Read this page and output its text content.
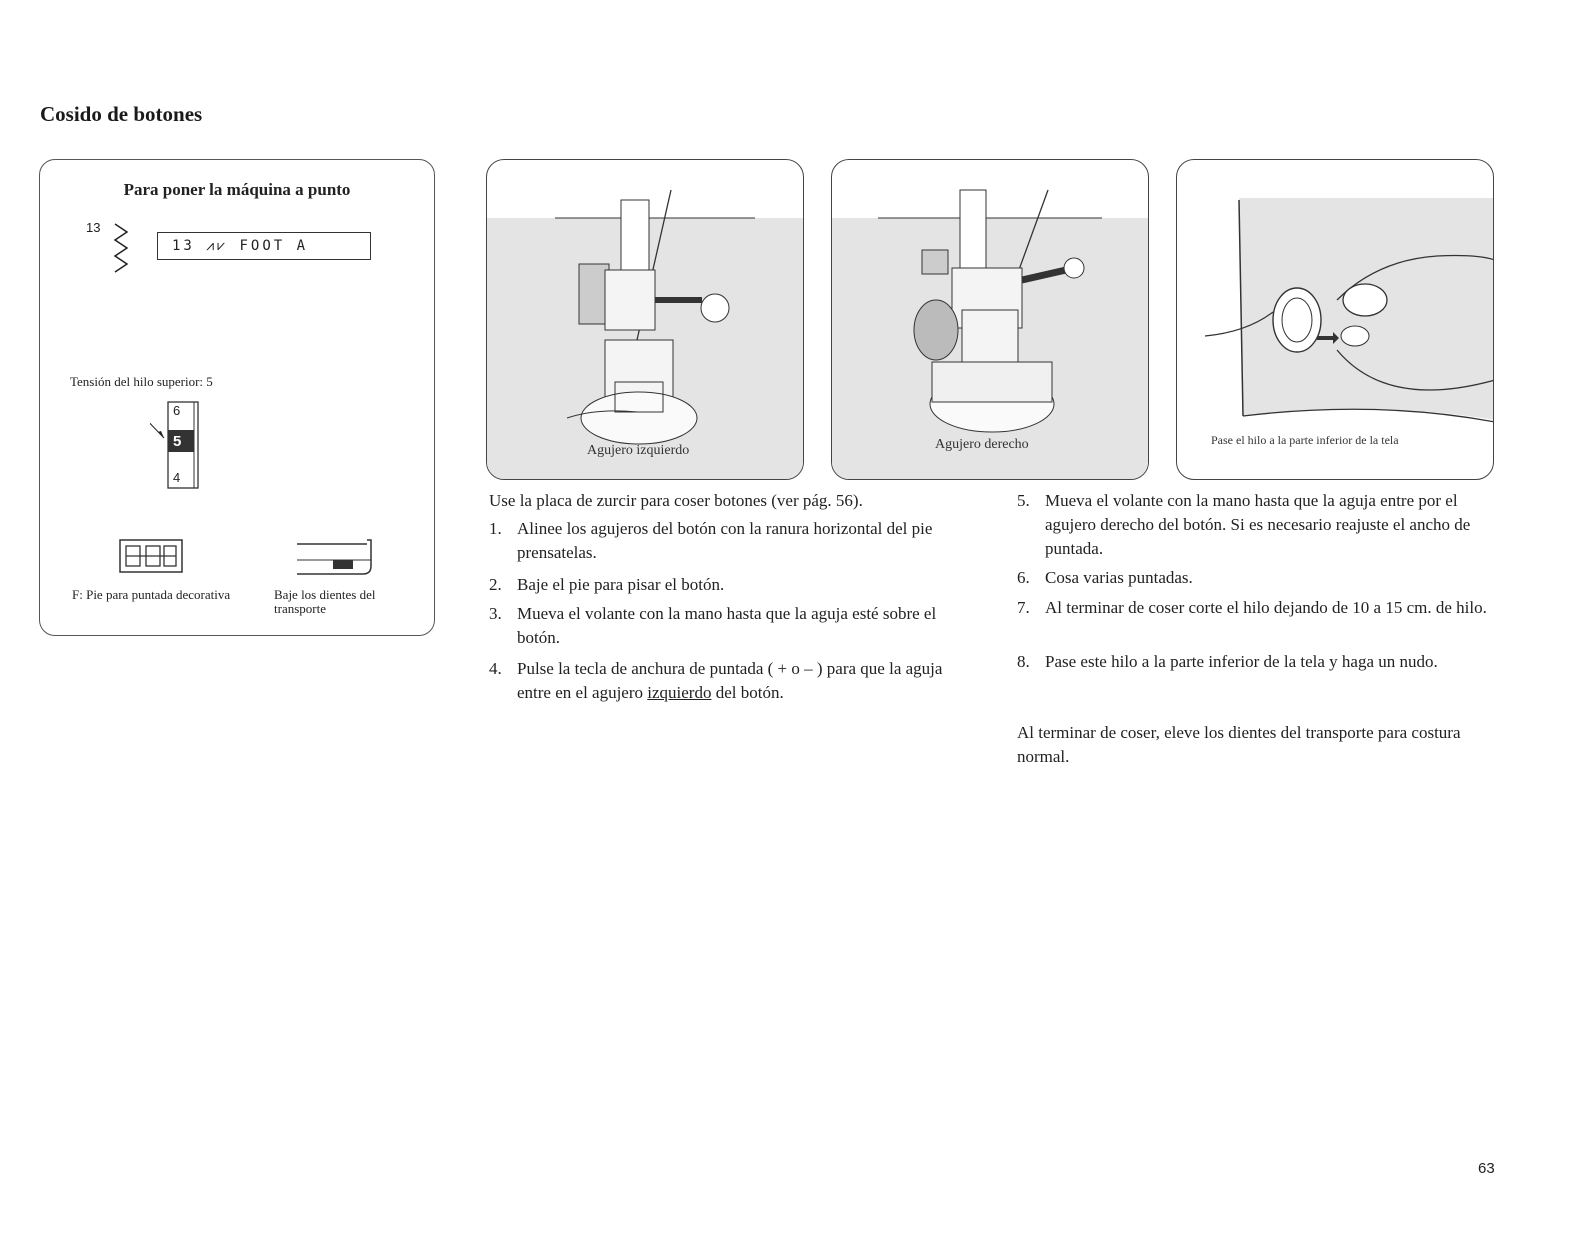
Cosido de botones
Para poner la máquina a punto
13
13 ⩘⩗ FOOT A
Tensión del hilo superior: 5
6
5
4
F: Pie para puntada decorativa	Baje los dientes del transporte
Agujero izquierdo	Agujero derecho	Pase el hilo a la parte inferior de la tela
Use la placa de zurcir para coser botones (ver pág. 56).
1. Alinee los agujeros del botón con la ranura horizontal del pie prensatelas.
2. Baje el pie para pisar el botón.
3. Mueva el volante con la mano hasta que la aguja esté sobre el botón.
4. Pulse la tecla de anchura de puntada ( + o – ) para que la aguja entre en el agujero izquierdo del botón.
5. Mueva el volante con la mano hasta que la aguja entre por el agujero derecho del botón. Si es necesario reajuste el ancho de puntada.
6. Cosa varias puntadas.
7. Al terminar de coser corte el hilo dejando de 10 a 15 cm. de hilo.
8. Pase este hilo a la parte inferior de la tela y haga un nudo.
Al terminar de coser, eleve los dientes del transporte para costura normal.
63
